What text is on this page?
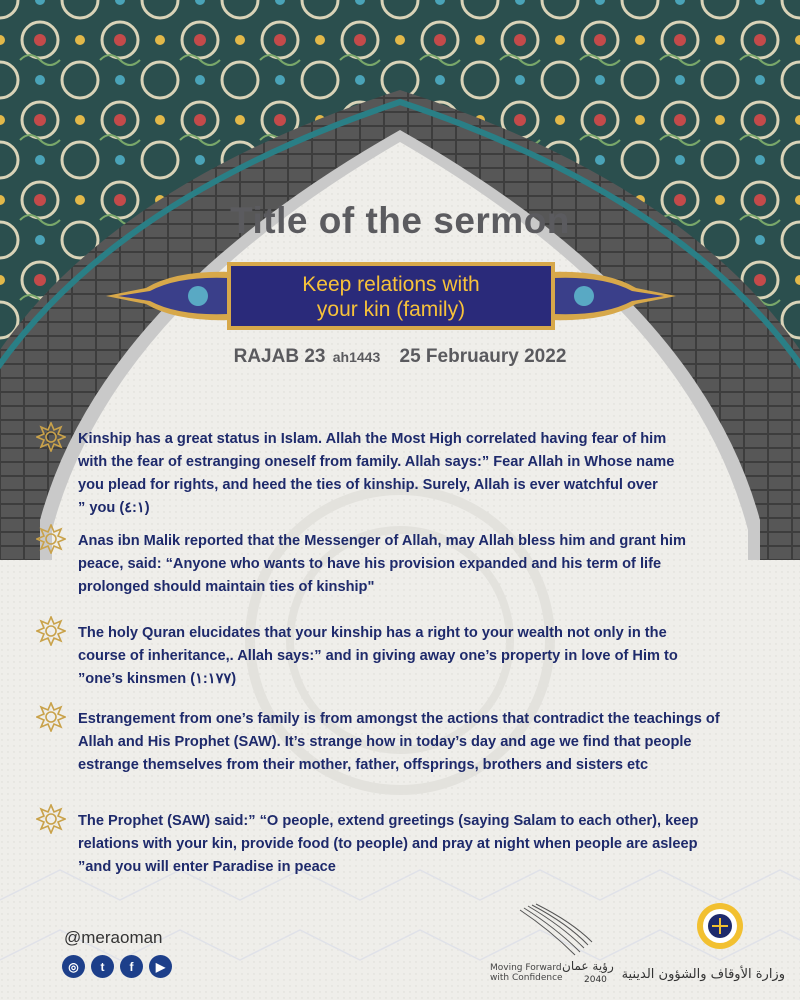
Title of the sermon
Keep relations with
your kin (family)
RAJAB 23 ah1443 25 Februaury 2022

Kinship has a great status in Islam. Allah the Most High correlated having fear of him
with the fear of estranging oneself from family. Allah says:” Fear Allah in Whose name
you plead for rights, and heed the ties of kinship. Surely, Allah is ever watchful over
” you (٤:١)

Anas ibn Malik reported that the Messenger of Allah, may Allah bless him and grant him
peace, said: “Anyone who wants to have his provision expanded and his term of life
prolonged should maintain ties of kinship"

The holy Quran elucidates that your kinship has a right to your wealth not only in the
course of inheritance,. Allah says:” and in giving away one’s property in love of Him to
”one’s kinsmen (١:١٧٧)

Estrangement from one’s family is from amongst the actions that contradict the teachings of
Allah and His Prophet (SAW). It’s strange how in today’s day and age we find that people
estrange themselves from their mother, father, offsprings, brothers and sisters etc

The Prophet (SAW) said:” “O people, extend greetings (saying Salam to each other), keep
relations with your kin, provide food (to people) and pray at night when people are asleep
”and you will enter Paradise in peace

@meraoman
◎	t	f	▶	Moving Forward
with Confidence
رؤية عمان
2040 وزارة الأوقاف والشؤون الدينية
